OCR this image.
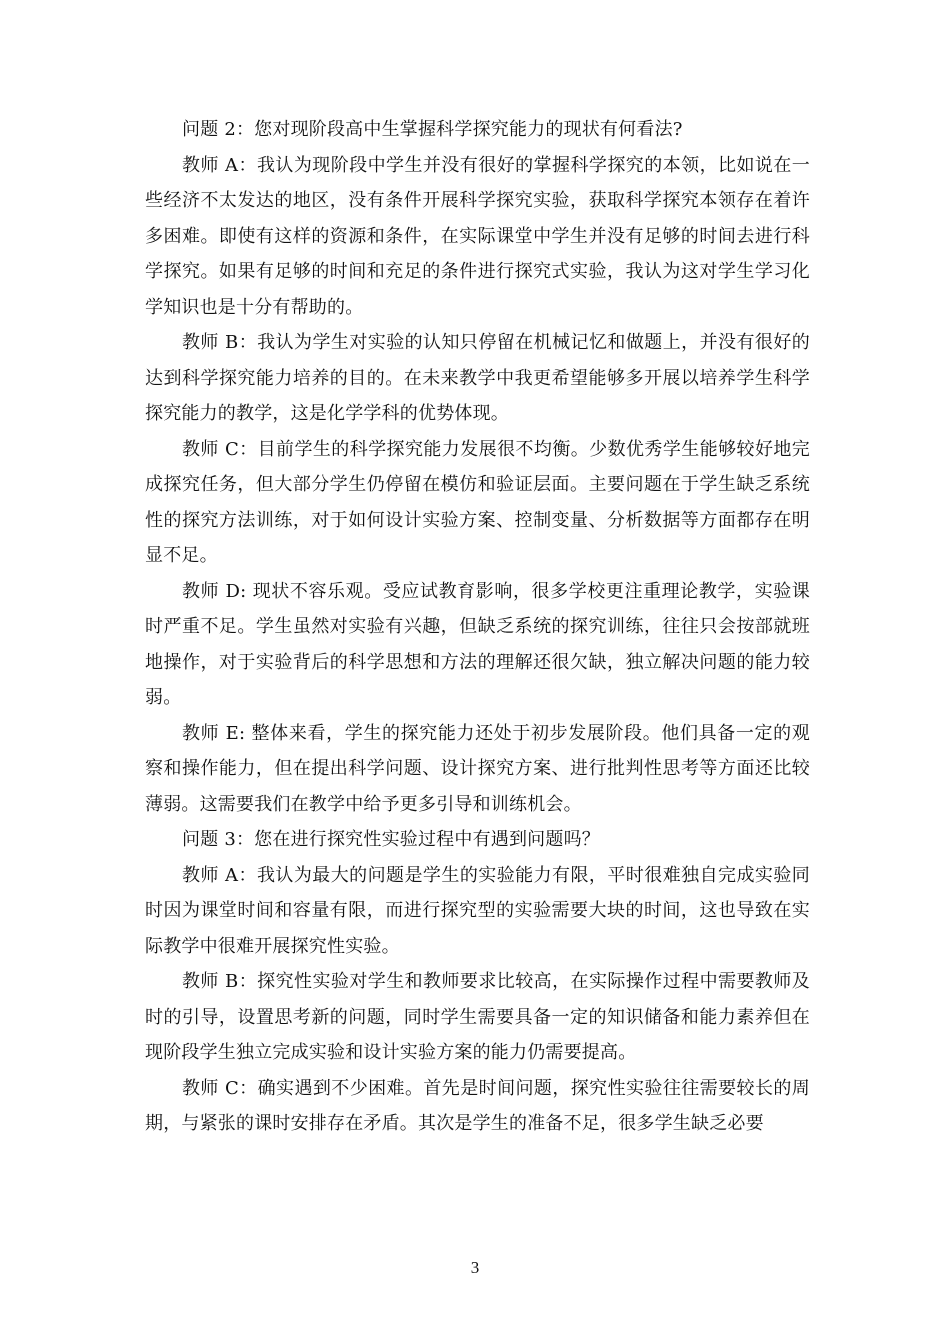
问题 2：您对现阶段高中生掌握科学探究能力的现状有何看法?

教师 A：我认为现阶段中学生并没有很好的掌握科学探究的本领，比如说在一些经济不太发达的地区，没有条件开展科学探究实验，获取科学探究本领存在着许多困难。即使有这样的资源和条件，在实际课堂中学生并没有足够的时间去进行科学探究。如果有足够的时间和充足的条件进行探究式实验，我认为这对学生学习化学知识也是十分有帮助的。

教师 B：我认为学生对实验的认知只停留在机械记忆和做题上，并没有很好的达到科学探究能力培养的目的。在未来教学中我更希望能够多开展以培养学生科学探究能力的教学，这是化学学科的优势体现。

教师 C：目前学生的科学探究能力发展很不均衡。少数优秀学生能够较好地完成探究任务，但大部分学生仍停留在模仿和验证层面。主要问题在于学生缺乏系统性的探究方法训练，对于如何设计实验方案、控制变量、分析数据等方面都存在明显不足。

教师 D: 现状不容乐观。受应试教育影响，很多学校更注重理论教学，实验课时严重不足。学生虽然对实验有兴趣，但缺乏系统的探究训练，往往只会按部就班地操作，对于实验背后的科学思想和方法的理解还很欠缺，独立解决问题的能力较弱。

教师 E: 整体来看，学生的探究能力还处于初步发展阶段。他们具备一定的观察和操作能力，但在提出科学问题、设计探究方案、进行批判性思考等方面还比较薄弱。这需要我们在教学中给予更多引导和训练机会。

问题 3：您在进行探究性实验过程中有遇到问题吗？

教师 A：我认为最大的问题是学生的实验能力有限，平时很难独自完成实验同时因为课堂时间和容量有限，而进行探究型的实验需要大块的时间，这也导致在实际教学中很难开展探究性实验。

教师 B：探究性实验对学生和教师要求比较高，在实际操作过程中需要教师及时的引导，设置思考新的问题，同时学生需要具备一定的知识储备和能力素养但在现阶段学生独立完成实验和设计实验方案的能力仍需要提高。

教师 C：确实遇到不少困难。首先是时间问题，探究性实验往往需要较长的周期，与紧张的课时安排存在矛盾。其次是学生的准备不足，很多学生缺乏必要

3
